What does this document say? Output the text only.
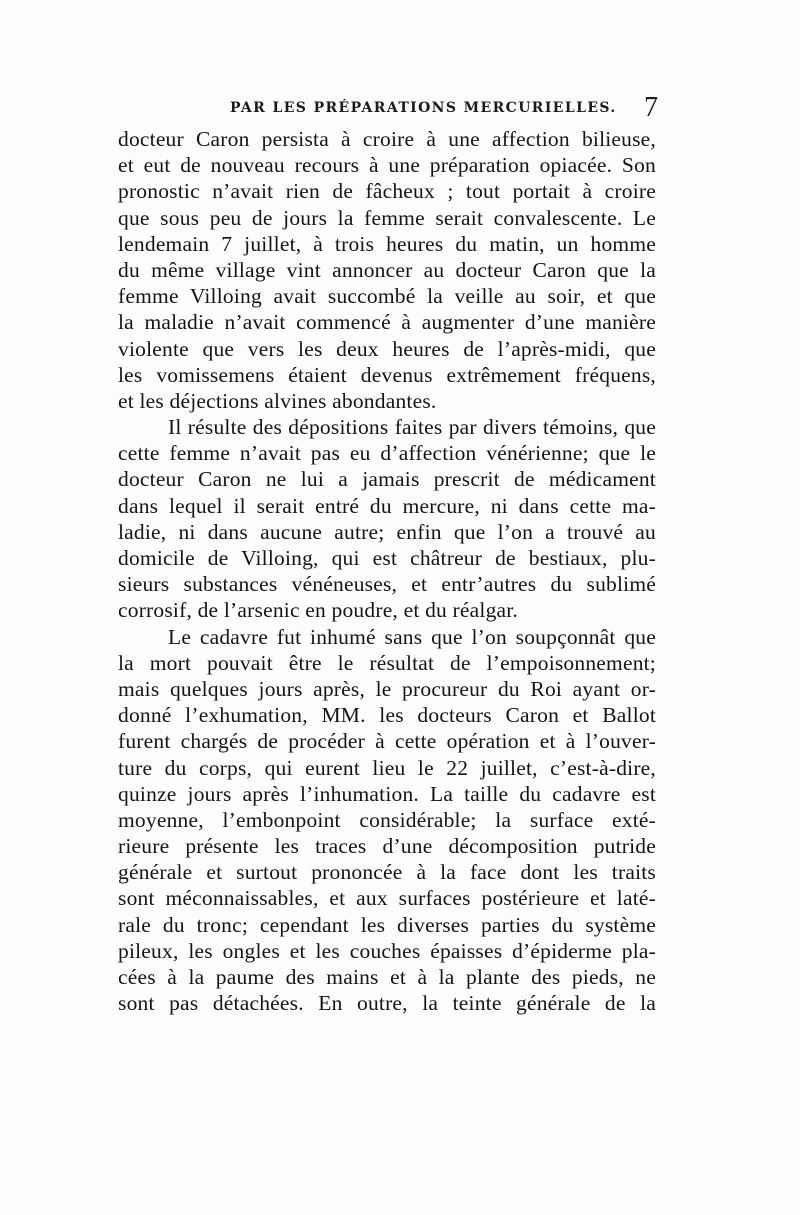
PAR LES PRÉPARATIONS MERCURIELLES. 7
docteur Caron persista à croire à une affection bilieuse,
et eut de nouveau recours à une préparation opiacée. Son
pronostic n’avait rien de fâcheux ; tout portait à croire
que sous peu de jours la femme serait convalescente. Le
lendemain 7 juillet, à trois heures du matin, un homme
du même village vint annoncer au docteur Caron que la
femme Villoing avait succombé la veille au soir, et que
la maladie n’avait commencé à augmenter d’une manière
violente que vers les deux heures de l’après-midi, que
les vomissemens étaient devenus extrêmement fréquens,
et les déjections alvines abondantes.
Il résulte des dépositions faites par divers témoins, que
cette femme n’avait pas eu d’affection vénérienne; que le
docteur Caron ne lui a jamais prescrit de médicament
dans lequel il serait entré du mercure, ni dans cette ma-
ladie, ni dans aucune autre; enfin que l’on a trouvé au
domicile de Villoing, qui est châtreur de bestiaux, plu-
sieurs substances vénéneuses, et entr’autres du sublimé
corrosif, de l’arsenic en poudre, et du réalgar.
Le cadavre fut inhumé sans que l’on soupçonnât que
la mort pouvait être le résultat de l’empoisonnement;
mais quelques jours après, le procureur du Roi ayant or-
donné l’exhumation, MM. les docteurs Caron et Ballot
furent chargés de procéder à cette opération et à l’ouver-
ture du corps, qui eurent lieu le 22 juillet, c’est-à-dire,
quinze jours après l’inhumation. La taille du cadavre est
moyenne, l’embonpoint considérable; la surface exté-
rieure présente les traces d’une décomposition putride
générale et surtout prononcée à la face dont les traits
sont méconnaissables, et aux surfaces postérieure et laté-
rale du tronc; cependant les diverses parties du système
pileux, les ongles et les couches épaisses d’épiderme pla-
cées à la paume des mains et à la plante des pieds, ne
sont pas détachées. En outre, la teinte générale de la
